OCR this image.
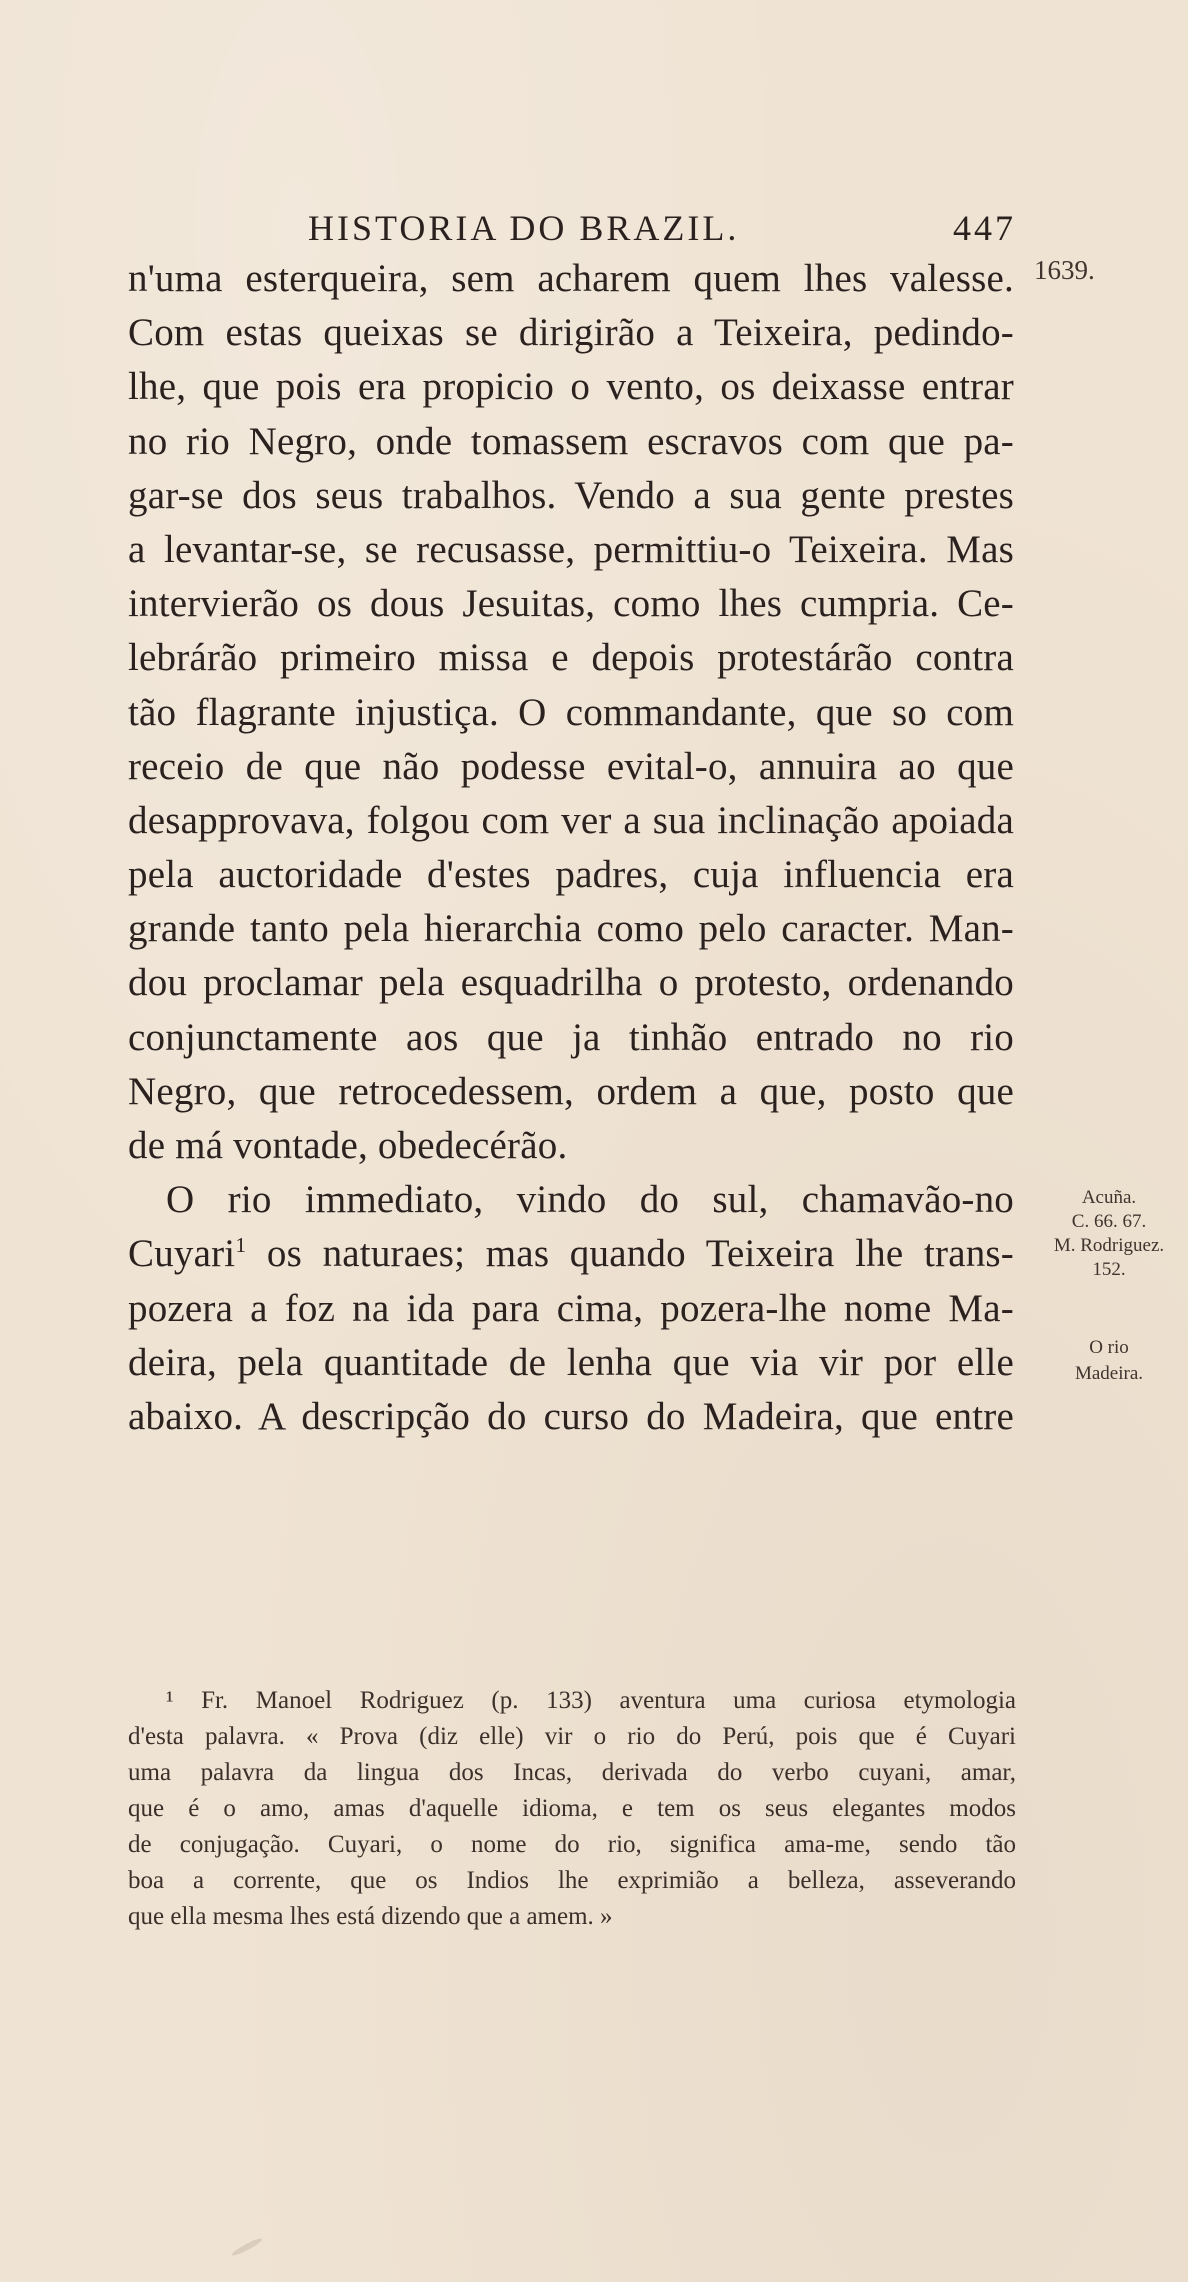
HISTORIA DO BRAZIL.	447
n'uma esterqueira, sem acharem quem lhes valesse.
Com estas queixas se dirigirão a Teixeira, pedindo-
lhe, que pois era propicio o vento, os deixasse entrar
no rio Negro, onde tomassem escravos com que pa-
gar-se dos seus trabalhos. Vendo a sua gente prestes
a levantar-se, se recusasse, permittiu-o Teixeira. Mas
intervierão os dous Jesuitas, como lhes cumpria. Ce-
lebrárão primeiro missa e depois protestárão contra
tão flagrante injustiça. O commandante, que so com
receio de que não podesse evital-o, annuira ao que
desapprovava, folgou com ver a sua inclinação apoiada
pela auctoridade d'estes padres, cuja influencia era
grande tanto pela hierarchia como pelo caracter. Man-
dou proclamar pela esquadrilha o protesto, ordenando
conjunctamente aos que ja tinhão entrado no rio
Negro, que retrocedessem, ordem a que, posto que
de má vontade, obedecérão.
O rio immediato, vindo do sul, chamavão-no
Cuyari$^1$ os naturaes; mas quando Teixeira lhe trans-
pozera a foz na ida para cima, pozera-lhe nome Ma-
deira, pela quantitade de lenha que via vir por elle
abaixo. A descripção do curso do Madeira, que entre
1639.
Acuña.
C. 66. 67.
M. Rodriguez.
152.
O rio
Madeira.
¹ Fr. Manoel Rodriguez (p. 133) aventura uma curiosa etymologia
d'esta palavra. « Prova (diz elle) vir o rio do Perú, pois que é Cuyari
uma palavra da lingua dos Incas, derivada do verbo cuyani, amar,
que é o amo, amas d'aquelle idioma, e tem os seus elegantes modos
de conjugação. Cuyari, o nome do rio, significa ama-me, sendo tão
boa a corrente, que os Indios lhe exprimião a belleza, asseverando
que ella mesma lhes está dizendo que a amem. »
